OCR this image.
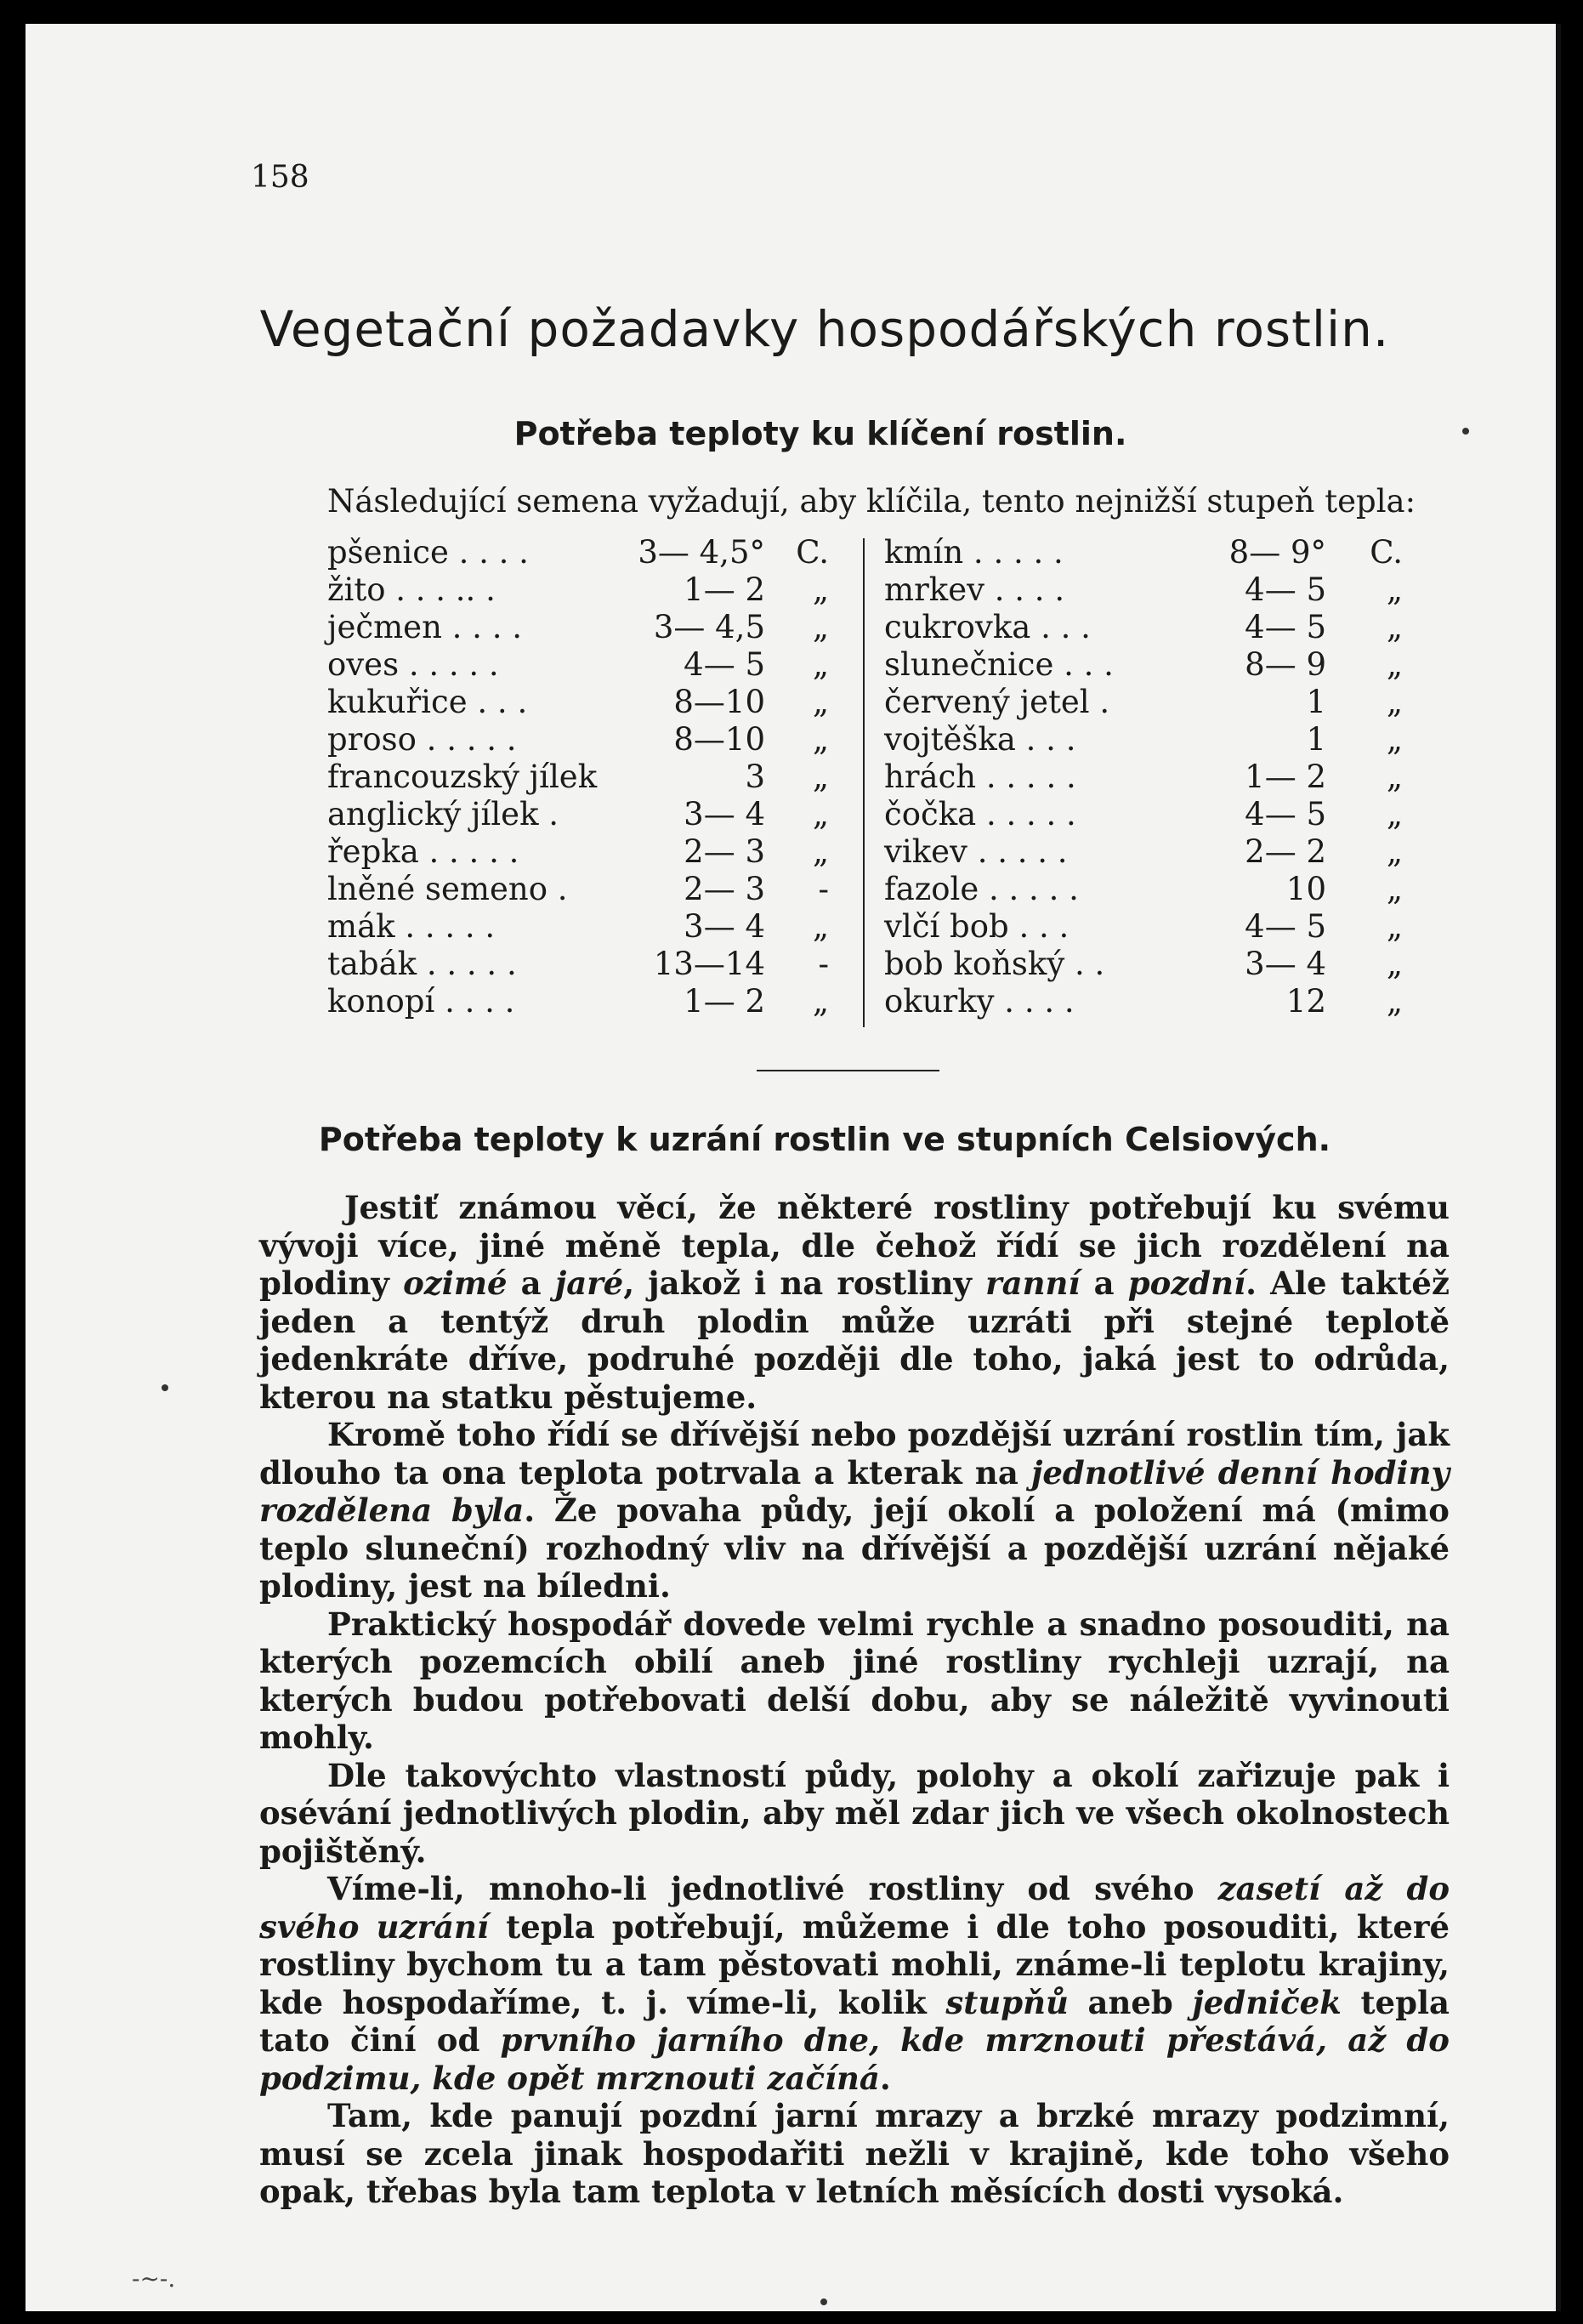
158
Vegetační požadavky hospodářských rostlin.
Potřeba teploty ku klíčení rostlin.
Následující semena vyžadují, aby klíčila, tento nejnižší stupeň tepla:
pšenice . . . .	3— 4,5° C.
žito . . . .. .	1— 2 „
ječmen . . . .	3— 4,5 „
oves . . . . .	4— 5 „
kukuřice . . .	8—10 „
proso . . . . .	8—10 „
francouzský jílek	3 „
anglický jílek .	3— 4 „
řepka . . . . .	2— 3 „
lněné semeno .	2— 3 -
mák . . . . .	3— 4 „
tabák . . . . .	13—14 -
konopí . . . .	1— 2 „
kmín . . . . .	8— 9° C.
mrkev . . . .	4— 5 „
cukrovka . . .	4— 5 „
slunečnice . . .	8— 9 „
červený jetel .	1 „
vojtěška . . .	1 „
hrách . . . . .	1— 2 „
čočka . . . . .	4— 5 „
vikev . . . . .	2— 2 „
fazole . . . . .	10 „
vlčí bob . . .	4— 5 „
bob koňský . .	3— 4 „
okurky . . . .	12 „
Potřeba teploty k uzrání rostlin ve stupních Celsiových.

Jestiť známou věcí, že některé rostliny potřebují ku svému vývoji více, jiné měně tepla, dle čehož řídí se jich rozdělení na plodiny ozimé a jaré, jakož i na rostliny ranní a pozdní. Ale taktéž jeden a tentýž druh plodin může uzráti při stejné teplotě jedenkráte dříve, podruhé později dle toho, jaká jest to odrůda, kterou na statku pěstujeme.

Kromě toho řídí se dřívější nebo pozdější uzrání rostlin tím, jak dlouho ta ona teplota potrvala a kterak na jednotlivé denní hodiny rozdělena byla. Že povaha půdy, její okolí a položení má (mimo teplo sluneční) rozhodný vliv na dřívější a pozdější uzrání nějaké plodiny, jest na bíledni.

Praktický hospodář dovede velmi rychle a snadno posouditi, na kterých pozemcích obilí aneb jiné rostliny rychleji uzrají, na kterých budou potřebovati delší dobu, aby se náležitě vyvinouti mohly.

Dle takovýchto vlastností půdy, polohy a okolí zařizuje pak i osévání jednotlivých plodin, aby měl zdar jich ve všech okolnostech pojištěný.

Víme-li, mnoho-li jednotlivé rostliny od svého zasetí až do svého uzrání tepla potřebují, můžeme i dle toho posouditi, které rostliny bychom tu a tam pěstovati mohli, známe-li teplotu krajiny, kde hospodaříme, t. j. víme-li, kolik stupňů aneb jedniček tepla tato činí od prvního jarního dne, kde mrznouti přestává, až do podzimu, kde opět mrznouti začíná.

Tam, kde panují pozdní jarní mrazy a brzké mrazy podzimní, musí se zcela jinak hospodařiti nežli v krajině, kde toho všeho opak, třebas byla tam teplota v letních měsících dosti vysoká.

-~-.
